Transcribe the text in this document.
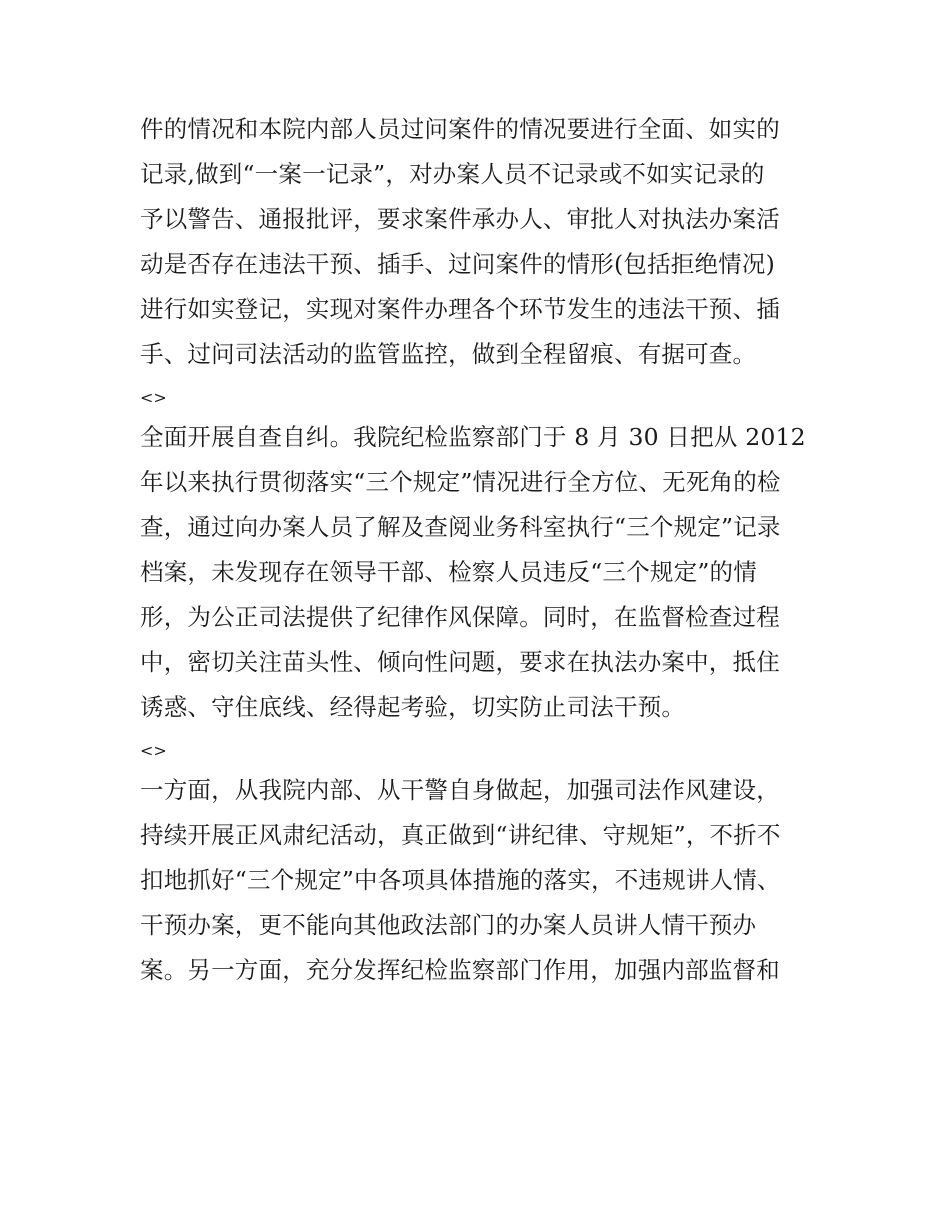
件的情况和本院内部人员过问案件的情况要进行全面、如实的
记录,做到“一案一记录”，对办案人员不记录或不如实记录的
予以警告、通报批评，要求案件承办人、审批人对执法办案活
动是否存在违法干预、插手、过问案件的情形(包括拒绝情况)
进行如实登记，实现对案件办理各个环节发生的违法干预、插
手、过问司法活动的监管监控，做到全程留痕、有据可查。
<>
全面开展自查自纠。我院纪检监察部门于 8 月 30 日把从 2012
年以来执行贯彻落实“三个规定”情况进行全方位、无死角的检
查，通过向办案人员了解及查阅业务科室执行“三个规定”记录
档案，未发现存在领导干部、检察人员违反“三个规定”的情
形，为公正司法提供了纪律作风保障。同时，在监督检查过程
中，密切关注苗头性、倾向性问题，要求在执法办案中，抵住
诱惑、守住底线、经得起考验，切实防止司法干预。
<>
一方面，从我院内部、从干警自身做起，加强司法作风建设，
持续开展正风肃纪活动，真正做到“讲纪律、守规矩”，不折不
扣地抓好“三个规定”中各项具体措施的落实，不违规讲人情、
干预办案，更不能向其他政法部门的办案人员讲人情干预办
案。另一方面，充分发挥纪检监察部门作用，加强内部监督和
